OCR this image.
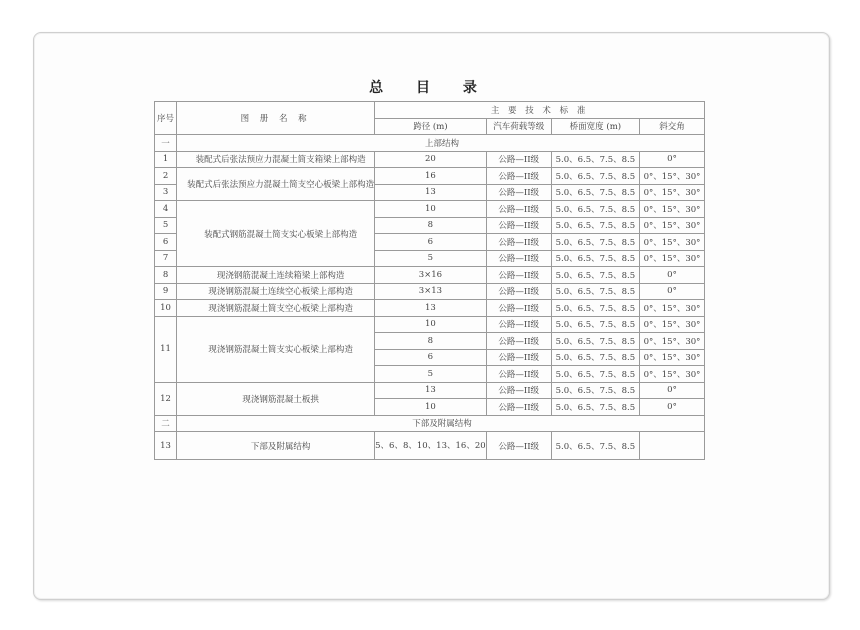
总 目 录
序号	图 册 名 称	主 要 技 术 标 准			
		跨径 (m)	汽车荷载等级	桥面宽度 (m)	斜交角
一	上部结构				
1	装配式后张法预应力混凝土简支箱梁上部构造	20	公路—II级	5.0、6.5、7.5、8.5	0°
2	装配式后张法预应力混凝土简支空心板梁上部构造	16	公路—II级	5.0、6.5、7.5、8.5	0°、15°、30°
3		13	公路—II级	5.0、6.5、7.5、8.5	0°、15°、30°
4	装配式钢筋混凝土简支实心板梁上部构造	10	公路—II级	5.0、6.5、7.5、8.5	0°、15°、30°
5		8	公路—II级	5.0、6.5、7.5、8.5	0°、15°、30°
6		6	公路—II级	5.0、6.5、7.5、8.5	0°、15°、30°
7		5	公路—II级	5.0、6.5、7.5、8.5	0°、15°、30°
8	现浇钢筋混凝土连续箱梁上部构造	3×16	公路—II级	5.0、6.5、7.5、8.5	0°
9	现浇钢筋混凝土连续空心板梁上部构造	3×13	公路—II级	5.0、6.5、7.5、8.5	0°
10	现浇钢筋混凝土简支空心板梁上部构造	13	公路—II级	5.0、6.5、7.5、8.5	0°、15°、30°
11	现浇钢筋混凝土简支实心板梁上部构造	10	公路—II级	5.0、6.5、7.5、8.5	0°、15°、30°
		8	公路—II级	5.0、6.5、7.5、8.5	0°、15°、30°
		6	公路—II级	5.0、6.5、7.5、8.5	0°、15°、30°
		5	公路—II级	5.0、6.5、7.5、8.5	0°、15°、30°
12	现浇钢筋混凝土板拱	13	公路—II级	5.0、6.5、7.5、8.5	0°
		10	公路—II级	5.0、6.5、7.5、8.5	0°
二	下部及附属结构				
13	下部及附属结构	5、6、8、10、13、16、20	公路—II级	5.0、6.5、7.5、8.5	
